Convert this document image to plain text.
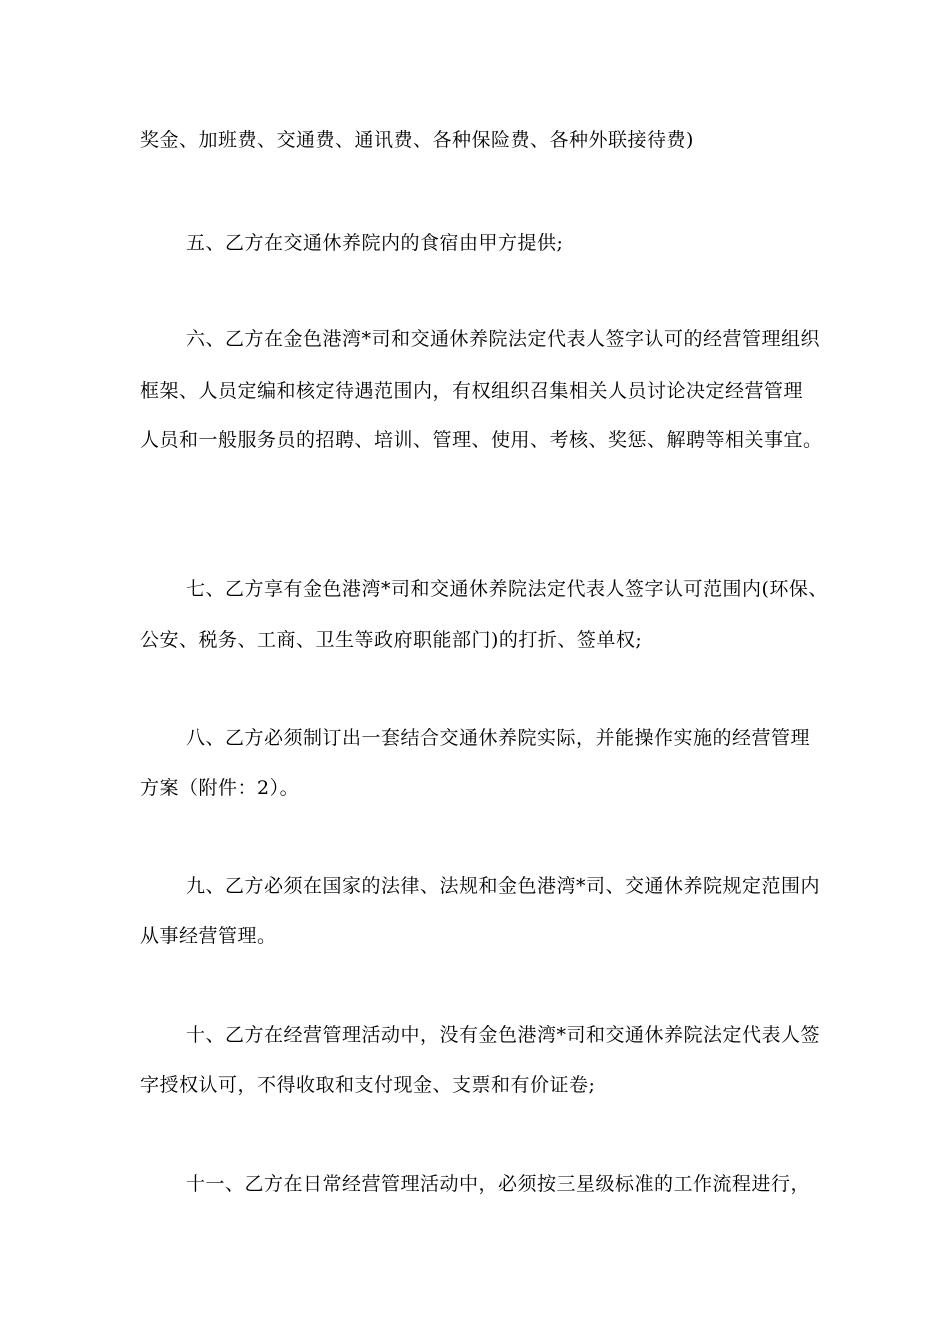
奖金、加班费、交通费、通讯费、各种保险费、各种外联接待费)
五、乙方在交通休养院内的食宿由甲方提供;
六、乙方在金色港湾*司和交通休养院法定代表人签字认可的经营管理组织
框架、人员定编和核定待遇范围内，有权组织召集相关人员讨论决定经营管理
人员和一般服务员的招聘、培训、管理、使用、考核、奖惩、解聘等相关事宜。
七、乙方享有金色港湾*司和交通休养院法定代表人签字认可范围内(环保、
公安、税务、工商、卫生等政府职能部门)的打折、签单权;
八、乙方必须制订出一套结合交通休养院实际，并能操作实施的经营管理
方案（附件：2）。
九、乙方必须在国家的法律、法规和金色港湾*司、交通休养院规定范围内
从事经营管理。
十、乙方在经营管理活动中，没有金色港湾*司和交通休养院法定代表人签
字授权认可，不得收取和支付现金、支票和有价证卷;
十一、乙方在日常经营管理活动中，必须按三星级标准的工作流程进行，
